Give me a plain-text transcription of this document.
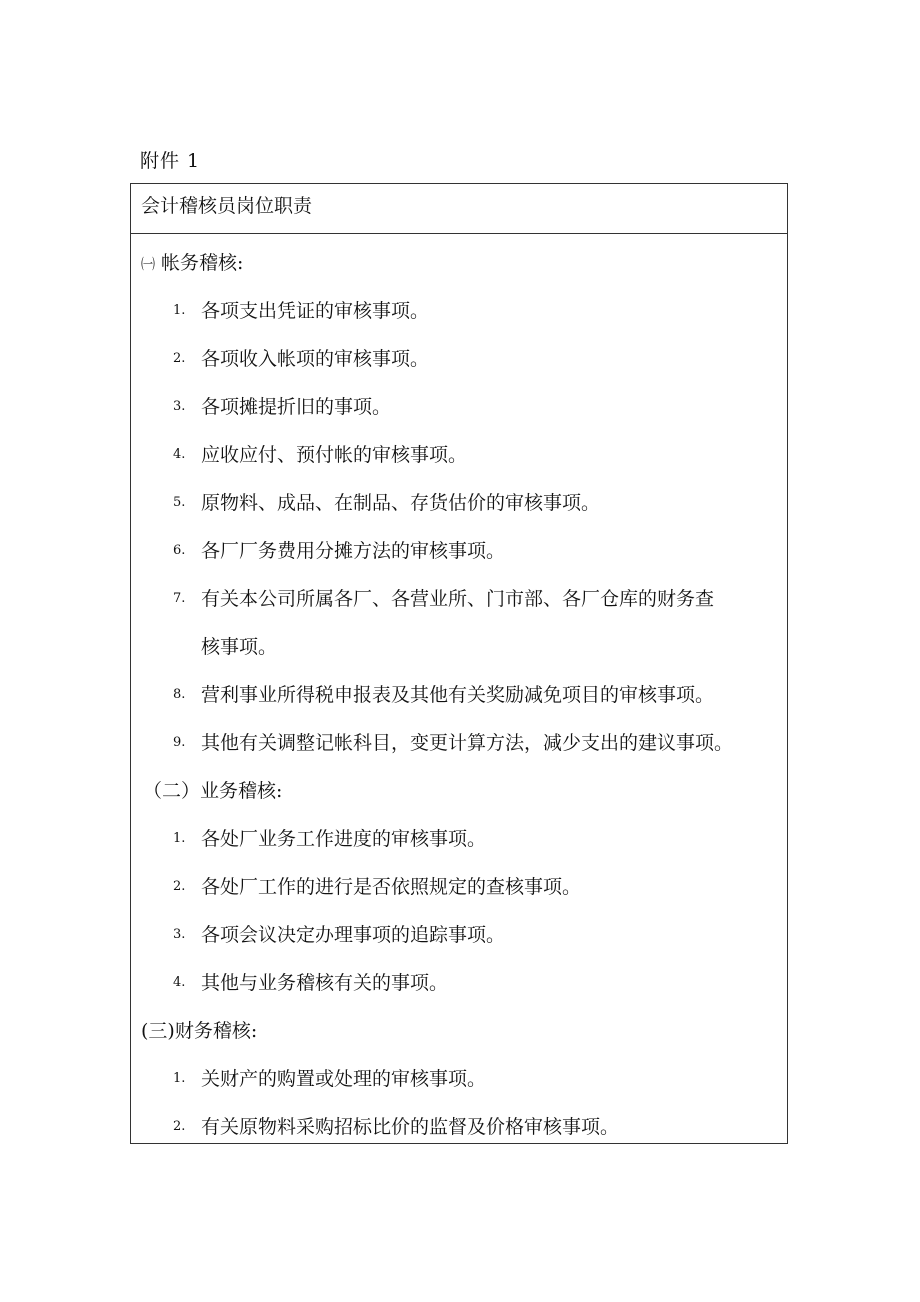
附件 1
会计稽核员岗位职责
㈠ 帐务稽核:
1. 各项支出凭证的审核事项。
2. 各项收入帐项的审核事项。
3. 各项摊提折旧的事项。
4. 应收应付、预付帐的审核事项。
5. 原物料、成品、在制品、存货估价的审核事项。
6. 各厂厂务费用分摊方法的审核事项。
7. 有关本公司所属各厂、各营业所、门市部、各厂仓库的财务查
核事项。
8. 营利事业所得税申报表及其他有关奖励减免项目的审核事项。
9. 其他有关调整记帐科目，变更计算方法，减少支出的建议事项。
（二）业务稽核:
1. 各处厂业务工作进度的审核事项。
2. 各处厂工作的进行是否依照规定的查核事项。
3. 各项会议决定办理事项的追踪事项。
4. 其他与业务稽核有关的事项。
(三)财务稽核:
1. 关财产的购置或处理的审核事项。
2. 有关原物料采购招标比价的监督及价格审核事项。
